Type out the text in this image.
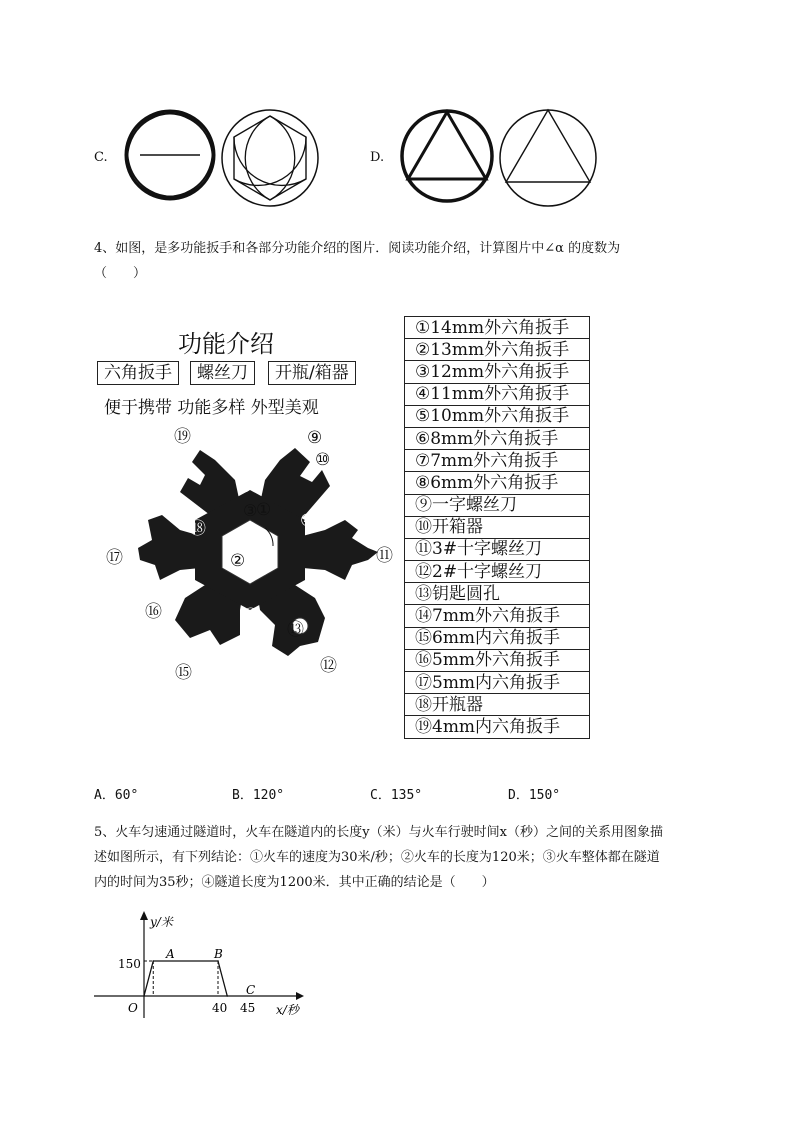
C.	D.
4、如图，是多功能扳手和各部分功能介绍的图片．阅读功能介绍，计算图片中∠α 的度数为
（　　）
功能介绍
六角扳手	螺丝刀	开瓶/箱器
便于携带 功能多样 外型美观
③
⑲	⑨
⑩
③
⑦
⑱
①
④
⑰	② α
⑪
⑧	⑤
⑯	⑥
⑬
⑭
⑫
⑮
①14mm外六角扳手
②13mm外六角扳手
③12mm外六角扳手
④11mm外六角扳手
⑤10mm外六角扳手
⑥8mm外六角扳手
⑦7mm外六角扳手
⑧6mm外六角扳手
⑨一字螺丝刀
⑩开箱器
⑪3#十字螺丝刀
⑫2#十字螺丝刀
⑬钥匙圆孔
⑭7mm外六角扳手
⑮6mm内六角扳手
⑯5mm外六角扳手
⑰5mm内六角扳手
⑱开瓶器
⑲4mm内六角扳手
A．60°	B．120°	C．135°	D．150°
5、火车匀速通过隧道时，火车在隧道内的长度y（米）与火车行驶时间x（秒）之间的关系用图象描
述如图所示，有下列结论：①火车的速度为30米/秒；②火车的长度为120米；③火车整体都在隧道
内的时间为35秒；④隧道长度为1200米．其中正确的结论是（　　）
y/米
x/秒
O
150
40 45
A	B
C
